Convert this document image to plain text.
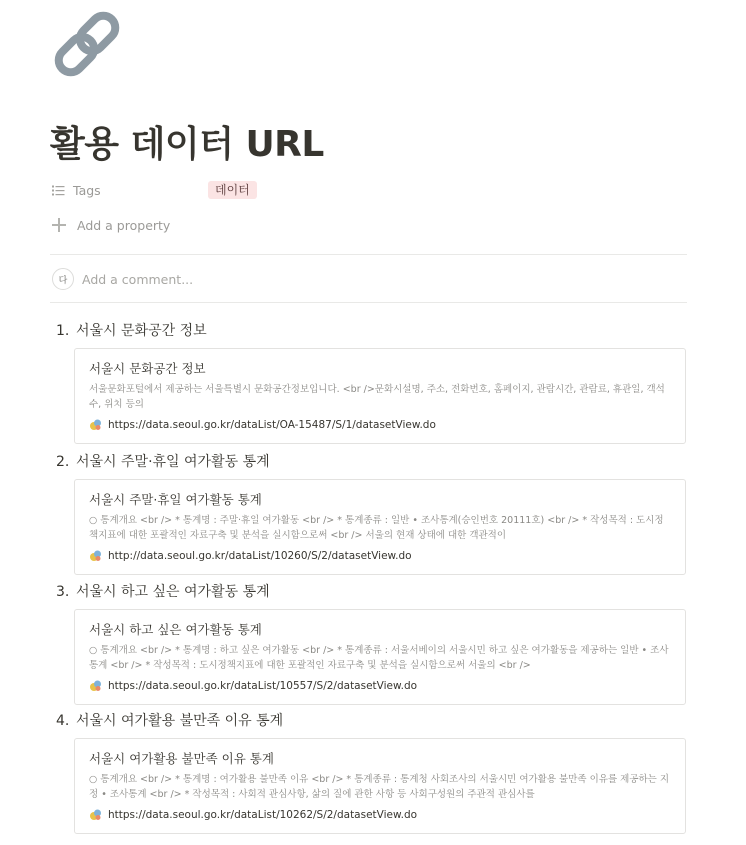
활용 데이터 URL
Tags	데이터
Add a property
다	Add a comment...
1. 서울시 문화공간 정보
서울시 문화공간 정보
서울문화포털에서 제공하는 서울특별시 문화공간정보입니다. <br />문화시설명, 주소, 전화번호, 홈페이지, 관람시간, 관람료, 휴관일, 객석수, 위치 등의
https://data.seoul.go.kr/dataList/OA-15487/S/1/datasetView.do
2. 서울시 주말·휴일 여가활동 통계
서울시 주말·휴일 여가활동 통계
○ 통계개요 <br /> * 통계명 : 주말·휴일 여가활동 <br /> * 통계종류 : 일반 • 조사통계(승인번호 20111호) <br /> * 작성목적 : 도시정책지표에 대한 포괄적인 자료구축 및 분석을 실시함으로써 <br /> 서울의 현재 상태에 대한 객관적이
http://data.seoul.go.kr/dataList/10260/S/2/datasetView.do
3. 서울시 하고 싶은 여가활동 통계
서울시 하고 싶은 여가활동 통계
○ 통계개요 <br /> * 통계명 : 하고 싶은 여가활동 <br /> * 통계종류 : 서울서베이의 서울시민 하고 싶은 여가활동을 제공하는 일반 • 조사통계 <br /> * 작성목적 : 도시정책지표에 대한 포괄적인 자료구축 및 분석을 실시함으로써 서울의 <br />
https://data.seoul.go.kr/dataList/10557/S/2/datasetView.do
4. 서울시 여가활용 불만족 이유 통계
서울시 여가활용 불만족 이유 통계
○ 통계개요 <br /> * 통계명 : 여가활용 불만족 이유 <br /> * 통계종류 : 통계청 사회조사의 서울시민 여가활용 불만족 이유를 제공하는 지정 • 조사통계 <br /> * 작성목적 : 사회적 관심사항, 삶의 질에 관한 사항 등 사회구성원의 주관적 관심사를
https://data.seoul.go.kr/dataList/10262/S/2/datasetView.do
